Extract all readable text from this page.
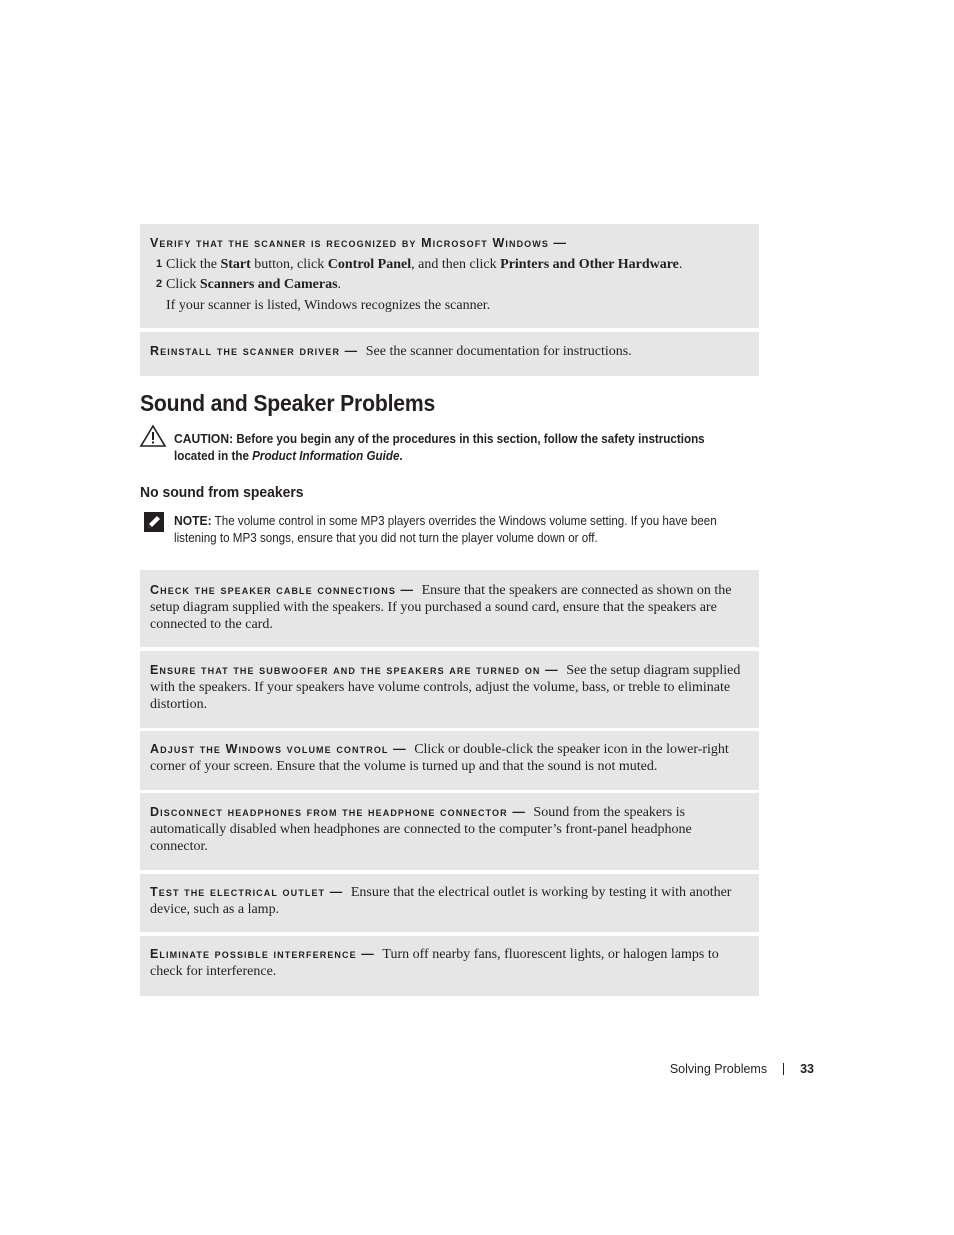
Verify that the scanner is recognized by Microsoft Windows —
1 Click the Start button, click Control Panel, and then click Printers and Other Hardware.
2 Click Scanners and Cameras.
If your scanner is listed, Windows recognizes the scanner.
Reinstall the scanner driver — See the scanner documentation for instructions.
Sound and Speaker Problems
CAUTION: Before you begin any of the procedures in this section, follow the safety instructions located in the Product Information Guide.
No sound from speakers
NOTE: The volume control in some MP3 players overrides the Windows volume setting. If you have been listening to MP3 songs, ensure that you did not turn the player volume down or off.
Check the speaker cable connections — Ensure that the speakers are connected as shown on the setup diagram supplied with the speakers. If you purchased a sound card, ensure that the speakers are connected to the card.
Ensure that the subwoofer and the speakers are turned on — See the setup diagram supplied with the speakers. If your speakers have volume controls, adjust the volume, bass, or treble to eliminate distortion.
Adjust the Windows volume control — Click or double-click the speaker icon in the lower-right corner of your screen. Ensure that the volume is turned up and that the sound is not muted.
Disconnect headphones from the headphone connector — Sound from the speakers is automatically disabled when headphones are connected to the computer’s front-panel headphone connector.
Test the electrical outlet — Ensure that the electrical outlet is working by testing it with another device, such as a lamp.
Eliminate possible interference — Turn off nearby fans, fluorescent lights, or halogen lamps to check for interference.
Solving Problems	33
